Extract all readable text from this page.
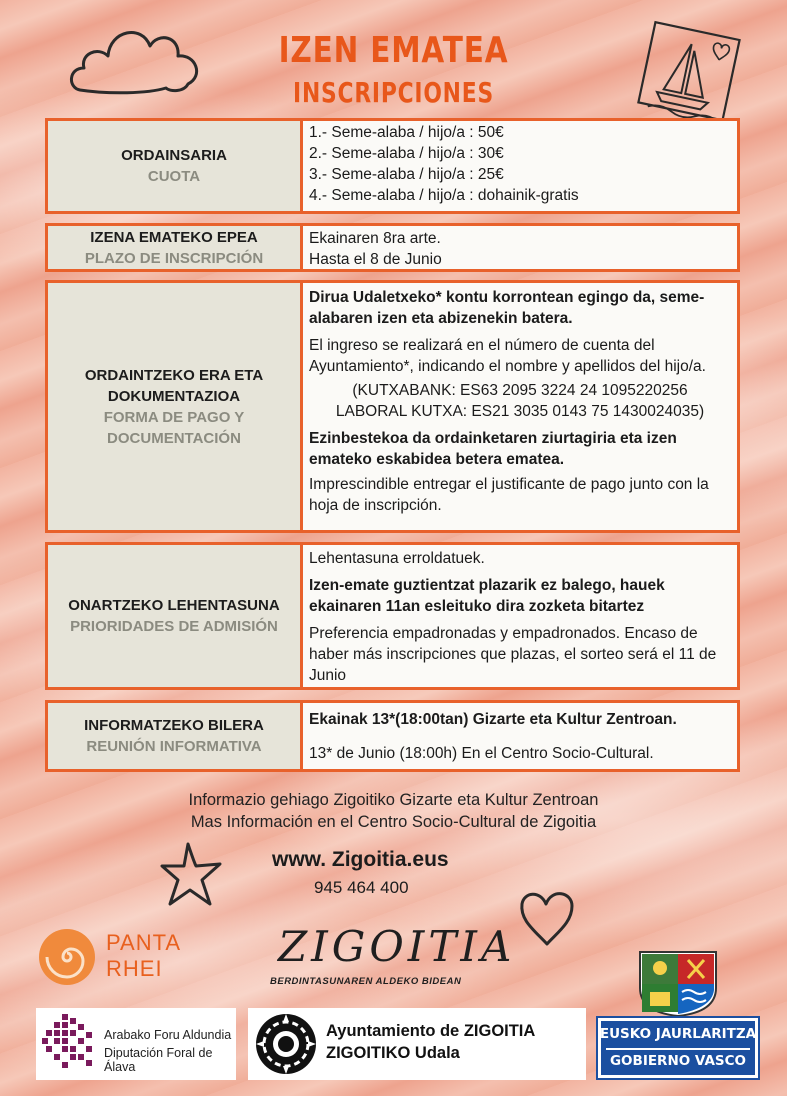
IZEN EMATEA
INSCRIPCIONES
ORDAINSARIA
CUOTA

1.- Seme-alaba / hijo/a : 50€

2.- Seme-alaba / hijo/a : 30€

3.- Seme-alaba / hijo/a : 25€

4.- Seme-alaba / hijo/a : dohainik-gratis

IZENA EMATEKO EPEA
PLAZO DE INSCRIPCIÓN

Ekainaren 8ra arte.

Hasta el 8 de Junio

ORDAINTZEKO ERA ETA
DOKUMENTAZIOA
FORMA DE PAGO Y
DOCUMENTACIÓN

Dirua Udaletxeko* kontu korrontean egingo da, seme-alabaren izen eta abizenekin batera.

El ingreso se realizará en el número de cuenta del Ayuntamiento*, indicando el nombre y apellidos del hijo/a.

(KUTXABANK: ES63 2095 3224 24 1095220256

LABORAL KUTXA: ES21 3035 0143 75 1430024035)

Ezinbestekoa da ordainketaren ziurtagiria eta izen emateko eskabidea betera ematea.

Imprescindible entregar el justificante de pago junto con la hoja de inscripción.

ONARTZEKO LEHENTASUNA
PRIORIDADES DE ADMISIÓN

Lehentasuna erroldatuek.

Izen-emate guztientzat plazarik ez balego, hauek ekainaren 11an esleituko dira zozketa bitartez

Preferencia empadronadas y empadronados. Encaso de haber más inscripciones que plazas, el sorteo será el 11 de Junio

INFORMATZEKO BILERA
REUNIÓN INFORMATIVA

Ekainak 13*(18:00tan) Gizarte eta Kultur Zentroan.

13* de Junio (18:00h) En el Centro Socio-Cultural.

Informazio gehiago Zigoitiko Gizarte eta Kultur Zentroan
Mas Información en el Centro Socio-Cultural de Zigoitia
www. Zigoitia.eus
945 464 400
PANTA
RHEI	ZIGOITIA
BERDINTASUNAREN ALDEKO BIDEAN
Arabako Foru Aldundia
Diputación Foral de Álava
Ayuntamiento de ZIGOITIA
ZIGOITIKO Udala
EUSKO JAURLARITZA
GOBIERNO VASCO
